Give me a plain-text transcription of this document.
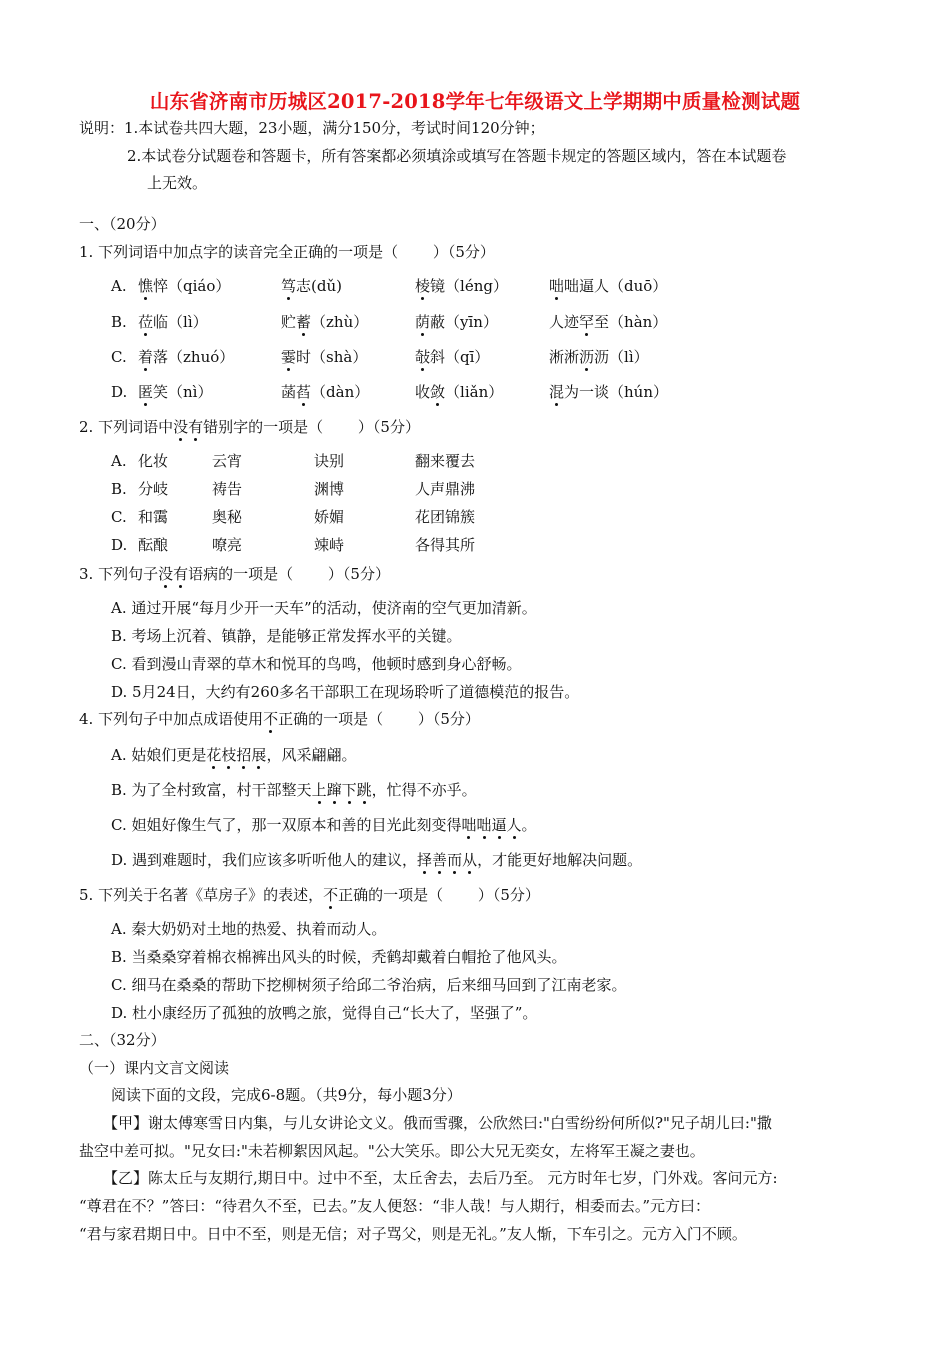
山东省济南市历城区2017-2018学年七年级语文上学期期中质量检测试题
说明：1.本试卷共四大题，23小题，满分150分，考试时间120分钟；
2.本试卷分试题卷和答题卡，所有答案都必须填涂或填写在答题卡规定的答题区域内，答在本试题卷
上无效。
一、（20分）
1. 下列词语中加点字的读音完全正确的一项是（　　 ）（5分）
A. 憔悴（qiáo）	笃志(dǔ)	棱镜（léng）	咄咄逼人（duō）
B. 莅临（lì）	贮蓄（zhù）	荫蔽（yīn）	人迹罕至（hàn）
C. 着落（zhuó）	霎时（shà）	敧斜（qī）	淅淅沥沥（lì）
D. 匿笑（nì）	菡萏（dàn）	收敛（liǎn）	混为一谈（hún）
2. 下列词语中没有错别字的一项是（　　 ）（5分）
A. 化妆	云宵	诀别	翻来覆去
B. 分岐	祷告	渊博	人声鼎沸
C. 和霭	奥秘	娇媚	花团锦簇
D. 酝酿	嘹亮	竦峙	各得其所
3. 下列句子没有语病的一项是（　　 ）（5分）
A. 通过开展“每月少开一天车”的活动，使济南的空气更加清新。
B. 考场上沉着、镇静，是能够正常发挥水平的关键。
C. 看到漫山青翠的草木和悦耳的鸟鸣，他顿时感到身心舒畅。
D. 5月24日，大约有260多名干部职工在现场聆听了道德模范的报告。
4. 下列句子中加点成语使用不正确的一项是（　　 ）（5分）
A. 姑娘们更是花枝招展，风采翩翩。
B. 为了全村致富，村干部整天上蹿下跳，忙得不亦乎。
C. 妲姐好像生气了，那一双原本和善的目光此刻变得咄咄逼人。
D. 遇到难题时，我们应该多听听他人的建议，择善而从，才能更好地解决问题。
5. 下列关于名著《草房子》的表述，不正确的一项是（　　 ）（5分）
A. 秦大奶奶对土地的热爱、执着而动人。
B. 当桑桑穿着棉衣棉裤出风头的时候，秃鹤却戴着白帽抢了他风头。
C. 细马在桑桑的帮助下挖柳树须子给邱二爷治病，后来细马回到了江南老家。
D. 杜小康经历了孤独的放鸭之旅，觉得自己“长大了，坚强了”。
二、（32分）
（一）课内文言文阅读
阅读下面的文段，完成6-8题。（共9分，每小题3分）
【甲】谢太傅寒雪日内集，与儿女讲论文义。俄而雪骤，公欣然曰:"白雪纷纷何所似?"兄子胡儿曰:"撒
盐空中差可拟。"兄女曰:"未若柳絮因风起。"公大笑乐。即公大兄无奕女，左将军王凝之妻也。
【乙】陈太丘与友期行,期日中。过中不至，太丘舍去，去后乃至。 元方时年七岁，门外戏。客问元方:
“尊君在不？”答曰：“待君久不至，已去。”友人便怒：“非人哉！与人期行，相委而去。”元方曰：
“君与家君期日中。日中不至，则是无信；对子骂父，则是无礼。”友人惭，下车引之。元方入门不顾。
